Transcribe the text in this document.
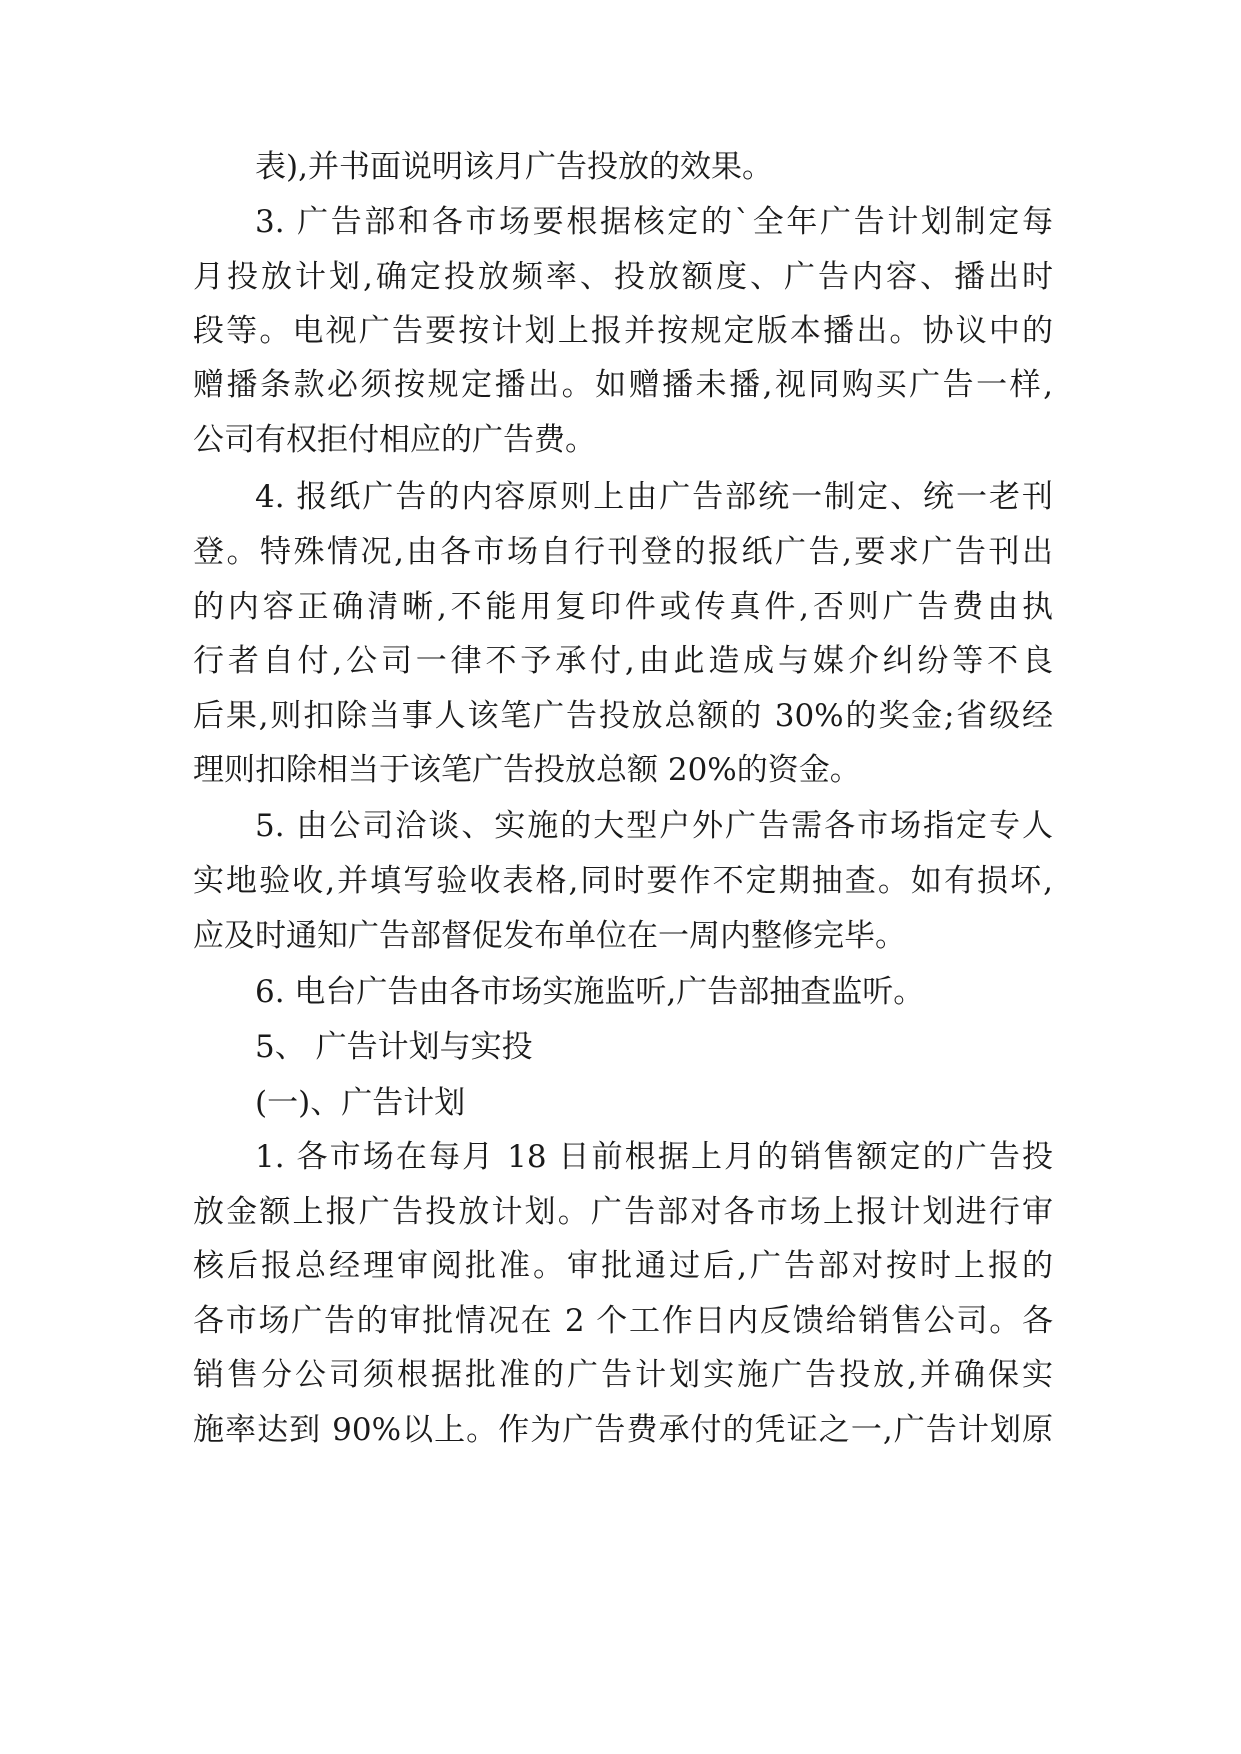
表),并书面说明该月广告投放的效果。

3. 广告部和各市场要根据核定的`全年广告计划制定每

月投放计划,确定投放频率、投放额度、广告内容、播出时

段等。电视广告要按计划上报并按规定版本播出。协议中的

赠播条款必须按规定播出。如赠播未播,视同购买广告一样,

公司有权拒付相应的广告费。

4. 报纸广告的内容原则上由广告部统一制定、统一老刊

登。特殊情况,由各市场自行刊登的报纸广告,要求广告刊出

的内容正确清晰,不能用复印件或传真件,否则广告费由执

行者自付,公司一律不予承付,由此造成与媒介纠纷等不良

后果,则扣除当事人该笔广告投放总额的 30%的奖金;省级经

理则扣除相当于该笔广告投放总额 20%的资金。

5. 由公司洽谈、实施的大型户外广告需各市场指定专人

实地验收,并填写验收表格,同时要作不定期抽查。如有损坏,

应及时通知广告部督促发布单位在一周内整修完毕。

6. 电台广告由各市场实施监听,广告部抽查监听。

5、 广告计划与实投

(一)、广告计划

1. 各市场在每月 18 日前根据上月的销售额定的广告投

放金额上报广告投放计划。广告部对各市场上报计划进行审

核后报总经理审阅批准。审批通过后,广告部对按时上报的

各市场广告的审批情况在 2 个工作日内反馈给销售公司。各

销售分公司须根据批准的广告计划实施广告投放,并确保实

施率达到 90%以上。作为广告费承付的凭证之一,广告计划原
